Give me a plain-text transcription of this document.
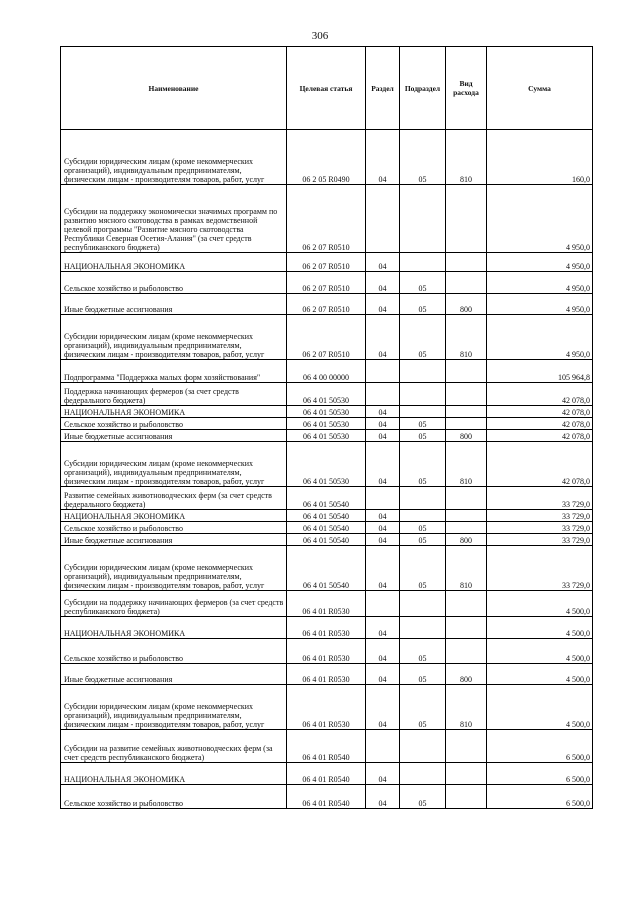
306
Наименование	Целевая статья	Раздел	Подраздел	Вид расхода	Сумма
Субсидии юридическим лицам (кроме некоммерческих организаций), индивидуальным предпринимателям, физическим лицам - производителям товаров, работ, услуг	06 2 05 R0490	04	05	810	160,0
Субсидии на поддержку экономически значимых программ по развитию мясного скотоводства в рамках ведомственной целевой программы "Развитие мясного скотоводства Республики Северная Осетия-Алания" (за счет средств республиканского бюджета)	06 2 07 R0510				4 950,0
НАЦИОНАЛЬНАЯ ЭКОНОМИКА	06 2 07 R0510	04			4 950,0
Сельское хозяйство и рыболовство	06 2 07 R0510	04	05		4 950,0
Иные бюджетные ассигнования	06 2 07 R0510	04	05	800	4 950,0
Субсидии юридическим лицам (кроме некоммерческих организаций), индивидуальным предпринимателям, физическим лицам - производителям товаров, работ, услуг	06 2 07 R0510	04	05	810	4 950,0
Подпрограмма "Поддержка малых форм хозяйствования"	06 4 00 00000				105 964,8
Поддержка начинающих фермеров (за счет средств федерального бюджета)	06 4 01 50530				42 078,0
НАЦИОНАЛЬНАЯ ЭКОНОМИКА	06 4 01 50530	04			42 078,0
Сельское хозяйство и рыболовство	06 4 01 50530	04	05		42 078,0
Иные бюджетные ассигнования	06 4 01 50530	04	05	800	42 078,0
Субсидии юридическим лицам (кроме некоммерческих организаций), индивидуальным предпринимателям, физическим лицам - производителям товаров, работ, услуг	06 4 01 50530	04	05	810	42 078,0
Развитие семейных животноводческих ферм (за счет средств федерального бюджета)	06 4 01 50540				33 729,0
НАЦИОНАЛЬНАЯ ЭКОНОМИКА	06 4 01 50540	04			33 729,0
Сельское хозяйство и рыболовство	06 4 01 50540	04	05		33 729,0
Иные бюджетные ассигнования	06 4 01 50540	04	05	800	33 729,0
Субсидии юридическим лицам (кроме некоммерческих организаций), индивидуальным предпринимателям, физическим лицам - производителям товаров, работ, услуг	06 4 01 50540	04	05	810	33 729,0
Субсидии на поддержку начинающих фермеров (за счет средств республиканского бюджета)	06 4 01 R0530				4 500,0
НАЦИОНАЛЬНАЯ ЭКОНОМИКА	06 4 01 R0530	04			4 500,0
Сельское хозяйство и рыболовство	06 4 01 R0530	04	05		4 500,0
Иные бюджетные ассигнования	06 4 01 R0530	04	05	800	4 500,0
Субсидии юридическим лицам (кроме некоммерческих организаций), индивидуальным предпринимателям, физическим лицам - производителям товаров, работ, услуг	06 4 01 R0530	04	05	810	4 500,0
Субсидии на развитие семейных животноводческих ферм (за счет средств республиканского бюджета)	06 4 01 R0540				6 500,0
НАЦИОНАЛЬНАЯ ЭКОНОМИКА	06 4 01 R0540	04			6 500,0
Сельское хозяйство и рыболовство	06 4 01 R0540	04	05		6 500,0
